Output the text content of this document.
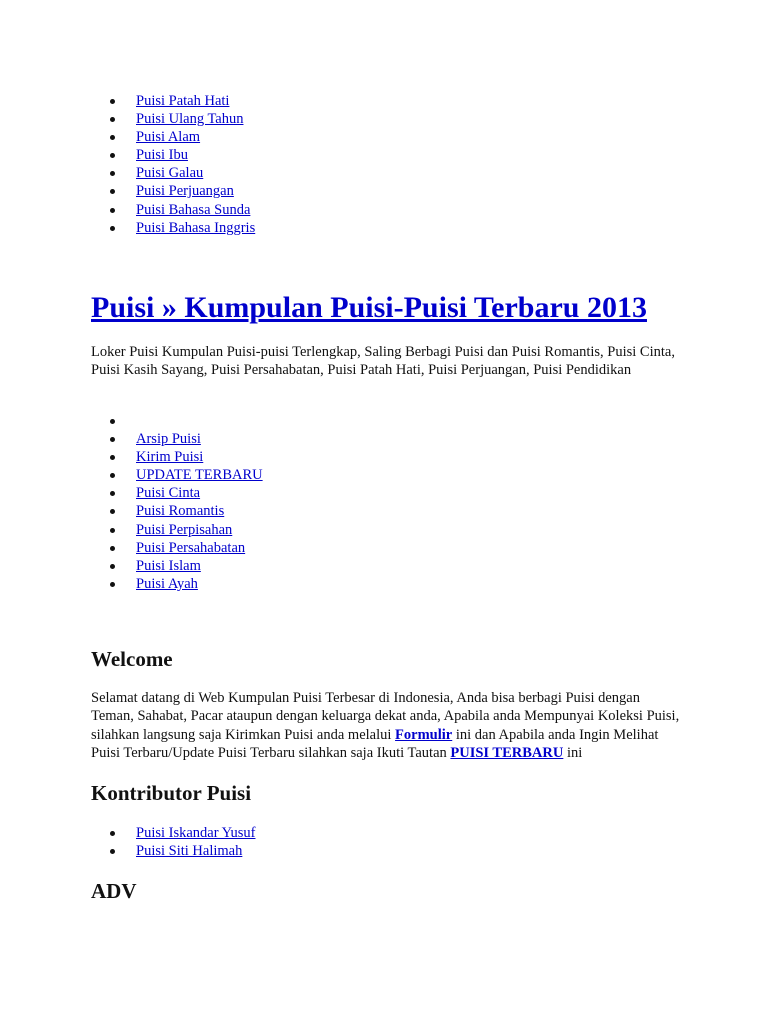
Puisi Patah Hati
Puisi Ulang Tahun
Puisi Alam
Puisi Ibu
Puisi Galau
Puisi Perjuangan
Puisi Bahasa Sunda
Puisi Bahasa Inggris
Puisi » Kumpulan Puisi-Puisi Terbaru 2013

Loker Puisi Kumpulan Puisi-puisi Terlengkap, Saling Berbagi Puisi dan Puisi Romantis, Puisi Cinta, Puisi Kasih Sayang, Puisi Persahabatan, Puisi Patah Hati, Puisi Perjuangan, Puisi Pendidikan

Arsip Puisi
Kirim Puisi
UPDATE TERBARU
Puisi Cinta
Puisi Romantis
Puisi Perpisahan
Puisi Persahabatan
Puisi Islam
Puisi Ayah
Welcome

Selamat datang di Web Kumpulan Puisi Terbesar di Indonesia, Anda bisa berbagi Puisi dengan Teman, Sahabat, Pacar ataupun dengan keluarga dekat anda, Apabila anda Mempunyai Koleksi Puisi, silahkan langsung saja Kirimkan Puisi anda melalui Formulir ini dan Apabila anda Ingin Melihat Puisi Terbaru/Update Puisi Terbaru silahkan saja Ikuti Tautan PUISI TERBARU ini

Kontributor Puisi
Puisi Iskandar Yusuf
Puisi Siti Halimah
ADV
